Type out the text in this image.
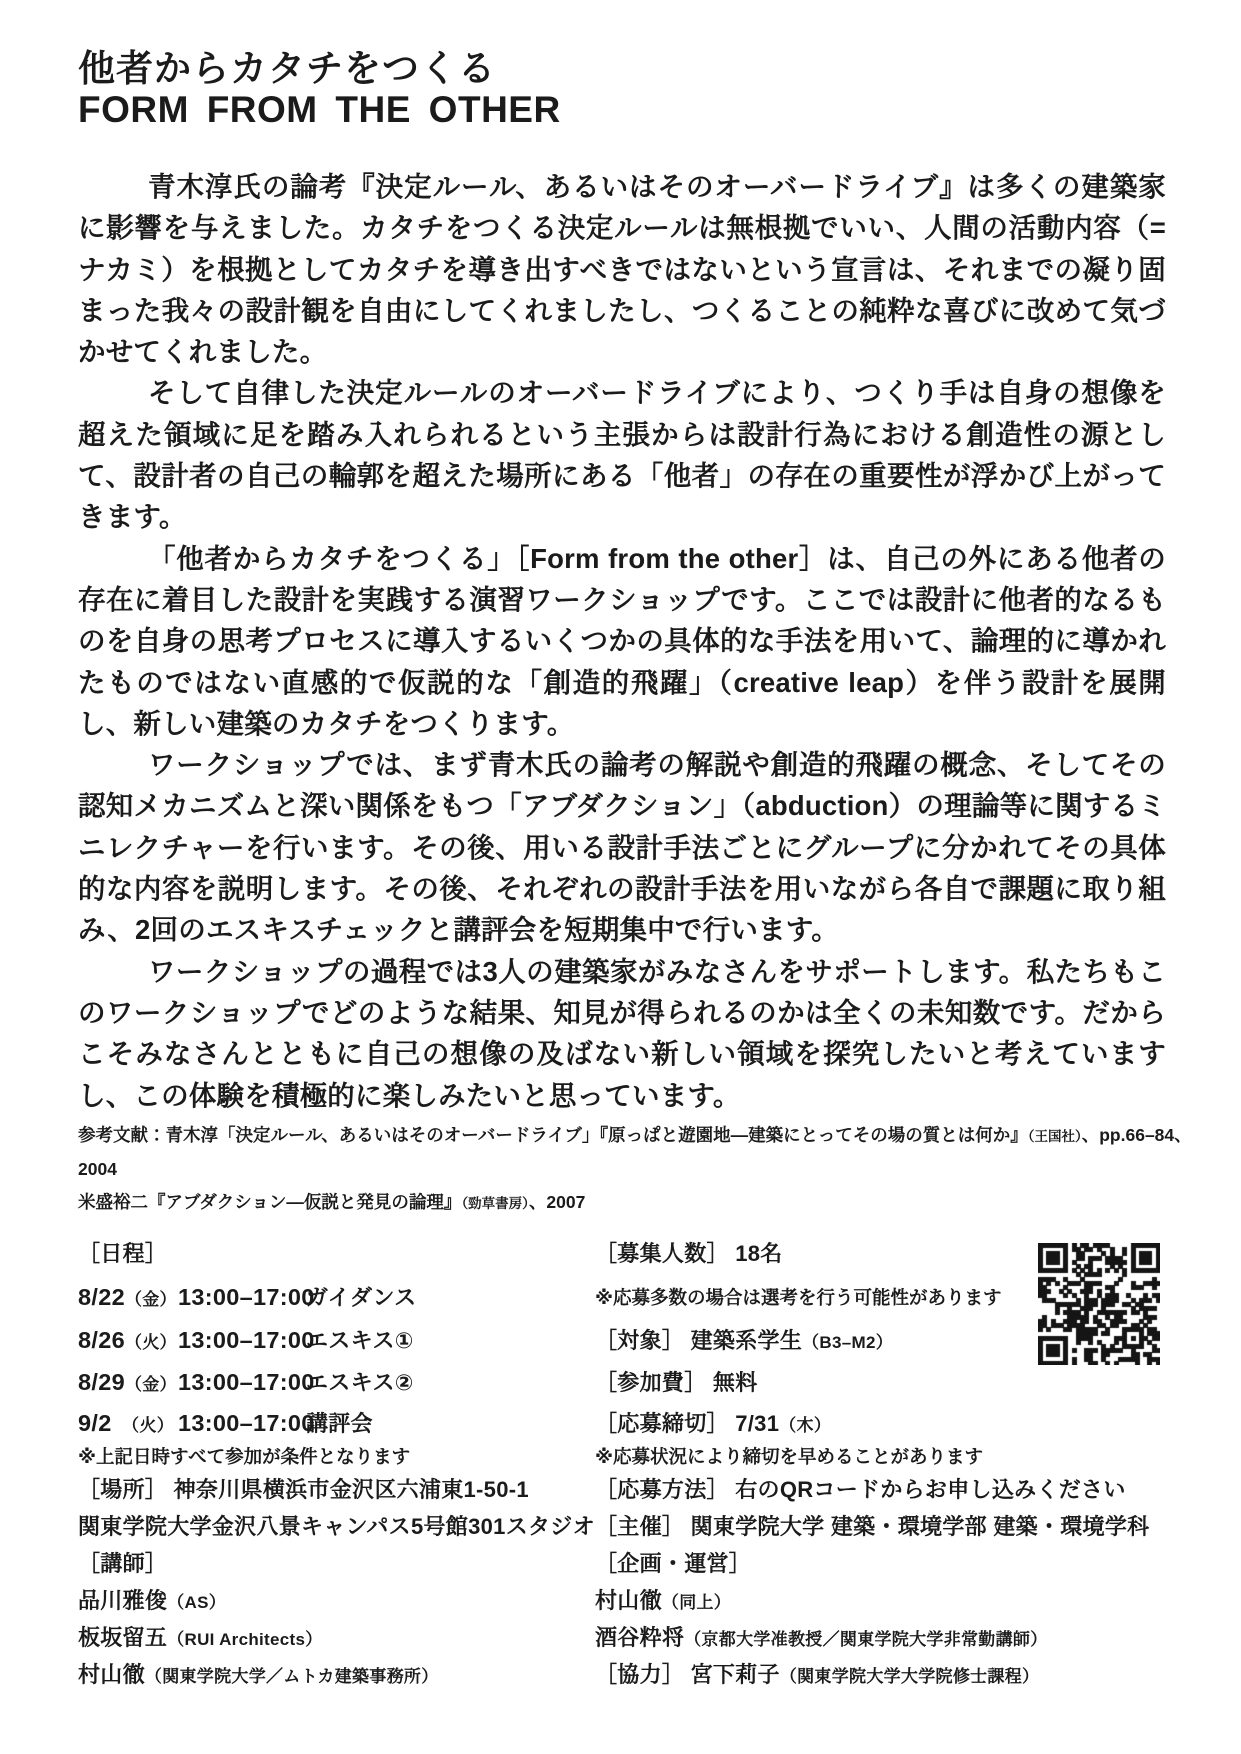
他者からカタチをつくる
FORM FROM THE OTHER

青木淳氏の論考『決定ルール、あるいはそのオーバードライブ』は多くの建築家に影響を与えました。カタチをつくる決定ルールは無根拠でいい、人間の活動内容（=ナカミ）を根拠としてカタチを導き出すべきではないという宣言は、それまでの凝り固まった我々の設計観を自由にしてくれましたし、つくることの純粋な喜びに改めて気づかせてくれました。

そして自律した決定ルールのオーバードライブにより、つくり手は自身の想像を超えた領域に足を踏み入れられるという主張からは設計行為における創造性の源として、設計者の自己の輪郭を超えた場所にある「他者」の存在の重要性が浮かび上がってきます。

「他者からカタチをつくる」［Form from the other］は、自己の外にある他者の存在に着目した設計を実践する演習ワークショップです。ここでは設計に他者的なるものを自身の思考プロセスに導入するいくつかの具体的な手法を用いて、論理的に導かれたものではない直感的で仮説的な「創造的飛躍」（creative leap）を伴う設計を展開し、新しい建築のカタチをつくります。

ワークショップでは、まず青木氏の論考の解説や創造的飛躍の概念、そしてその認知メカニズムと深い関係をもつ「アブダクション」（abduction）の理論等に関するミニレクチャーを行います。その後、用いる設計手法ごとにグループに分かれてその具体的な内容を説明します。その後、それぞれの設計手法を用いながら各自で課題に取り組み、2回のエスキスチェックと講評会を短期集中で行います。

ワークショップの過程では3人の建築家がみなさんをサポートします。私たちもこのワークショップでどのような結果、知見が得られるのかは全くの未知数です。だからこそみなさんとともに自己の想像の及ばない新しい領域を探究したいと考えていますし、この体験を積極的に楽しみたいと思っています。

参考文献：青木淳「決定ルール、あるいはそのオーバードライブ」『原っぱと遊園地―建築にとってその場の質とは何か』（王国社）、pp.66–84、2004
米盛裕二『アブダクション―仮説と発見の論理』（勁草書房）、2007
［日程］
8/22 （金） 13:00–17:00ガイダンス
8/26 （火） 13:00–17:00エスキス①
8/29 （金） 13:00–17:00エスキス②
9/2 （火） 13:00–17:00講評会
※上記日時すべて参加が条件となります
［場所］ 神奈川県横浜市金沢区六浦東1-50-1
関東学院大学金沢八景キャンパス5号館301スタジオ
［講師］
品川雅俊（AS）
板坂留五（RUI Architects）
村山徹（関東学院大学／ムトカ建築事務所）
［募集人数］ 18名
※応募多数の場合は選考を行う可能性があります
［対象］ 建築系学生（B3–M2）
［参加費］ 無料
［応募締切］ 7/31（木）
※応募状況により締切を早めることがあります
［応募方法］ 右のQRコードからお申し込みください
［主催］ 関東学院大学 建築・環境学部 建築・環境学科
［企画・運営］
村山徹（同上）
酒谷粋将（京都大学准教授／関東学院大学非常勤講師）
［協力］ 宮下莉子（関東学院大学大学院修士課程）
